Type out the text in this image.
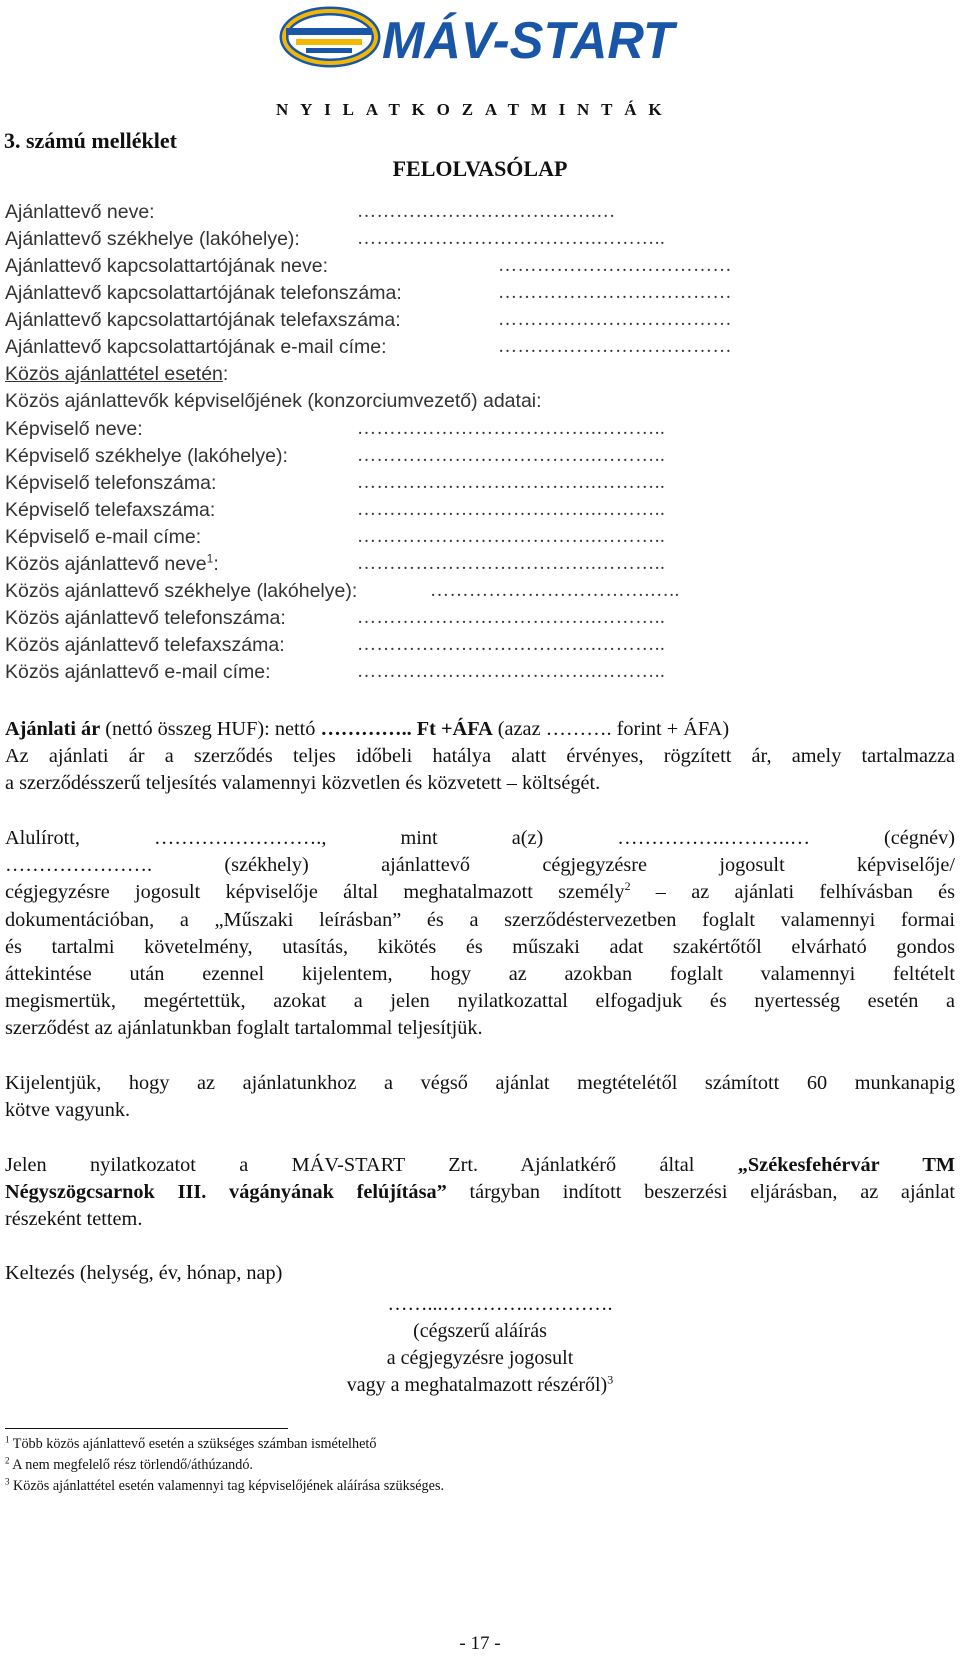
MÁV-START
NYILATKOZATMINTÁK
3. számú melléklet
FELOLVASÓLAP
Ajánlattevő neve:	……………………………….…
Ajánlattevő székhelye (lakóhelye):	……………………………….………..
Ajánlattevő kapcsolattartójának neve:	………………………………
Ajánlattevő kapcsolattartójának telefonszáma:	………………………………
Ajánlattevő kapcsolattartójának telefaxszáma:	………………………………
Ajánlattevő kapcsolattartójának e-mail címe:	………………………………
Közös ajánlattétel esetén:
Közös ajánlattevők képviselőjének (konzorciumvezető) adatai:
Képviselő neve:	……………………………….………..
Képviselő székhelye (lakóhelye):	……………………………….………..
Képviselő telefonszáma:	……………………………….………..
Képviselő telefaxszáma:	……………………………….………..
Képviselő e-mail címe:	……………………………….………..
Közös ajánlattevő neve$^1$:	……………………………….………..
Közös ajánlattevő székhelye (lakóhelye):	…………………………….…..
Közös ajánlattevő telefonszáma:	……………………………….………..
Közös ajánlattevő telefaxszáma:	……………………………….………..
Közös ajánlattevő e-mail címe:	……………………………….………..
Ajánlati ár (nettó összeg HUF): nettó ………….. Ft +ÁFA (azaz ………. forint + ÁFA)
Az ajánlati ár a szerződés teljes időbeli hatálya alatt érvényes, rögzített ár, amely tartalmazza
a szerződésszerű teljesítés valamennyi közvetlen és közvetett – költségét.
Alulírott, ……………………., mint a(z) …………….……….… (cégnév)
…………………. (székhely) ajánlattevő cégjegyzésre jogosult képviselője/
cégjegyzésre jogosult képviselője által meghatalmazott személy$^2$ – az ajánlati felhívásban és
dokumentációban, a „Műszaki leírásban” és a szerződéstervezetben foglalt valamennyi formai
és tartalmi követelmény, utasítás, kikötés és műszaki adat szakértőtől elvárható gondos
áttekintése után ezennel kijelentem, hogy az azokban foglalt valamennyi feltételt
megismertük, megértettük, azokat a jelen nyilatkozattal elfogadjuk és nyertesség esetén a
szerződést az ajánlatunkban foglalt tartalommal teljesítjük.
Kijelentjük, hogy az ajánlatunkhoz a végső ajánlat megtételétől számított 60 munkanapig
kötve vagyunk.
Jelen nyilatkozatot a MÁV-START Zrt. Ajánlatkérő által „Székesfehérvár TM
Négyszögcsarnok III. vágányának felújítása” tárgyban indított beszerzési eljárásban, az ajánlat
részeként tettem.
Keltezés (helység, év, hónap, nap)
……...………….………….
(cégszerű aláírás
a cégjegyzésre jogosult
vagy a meghatalmazott részéről)$^3$
$^1$ Több közös ajánlattevő esetén a szükséges számban ismételhető
$^2$ A nem megfelelő rész törlendő/áthúzandó.
$^3$ Közös ajánlattétel esetén valamennyi tag képviselőjének aláírása szükséges.
- 17 -
